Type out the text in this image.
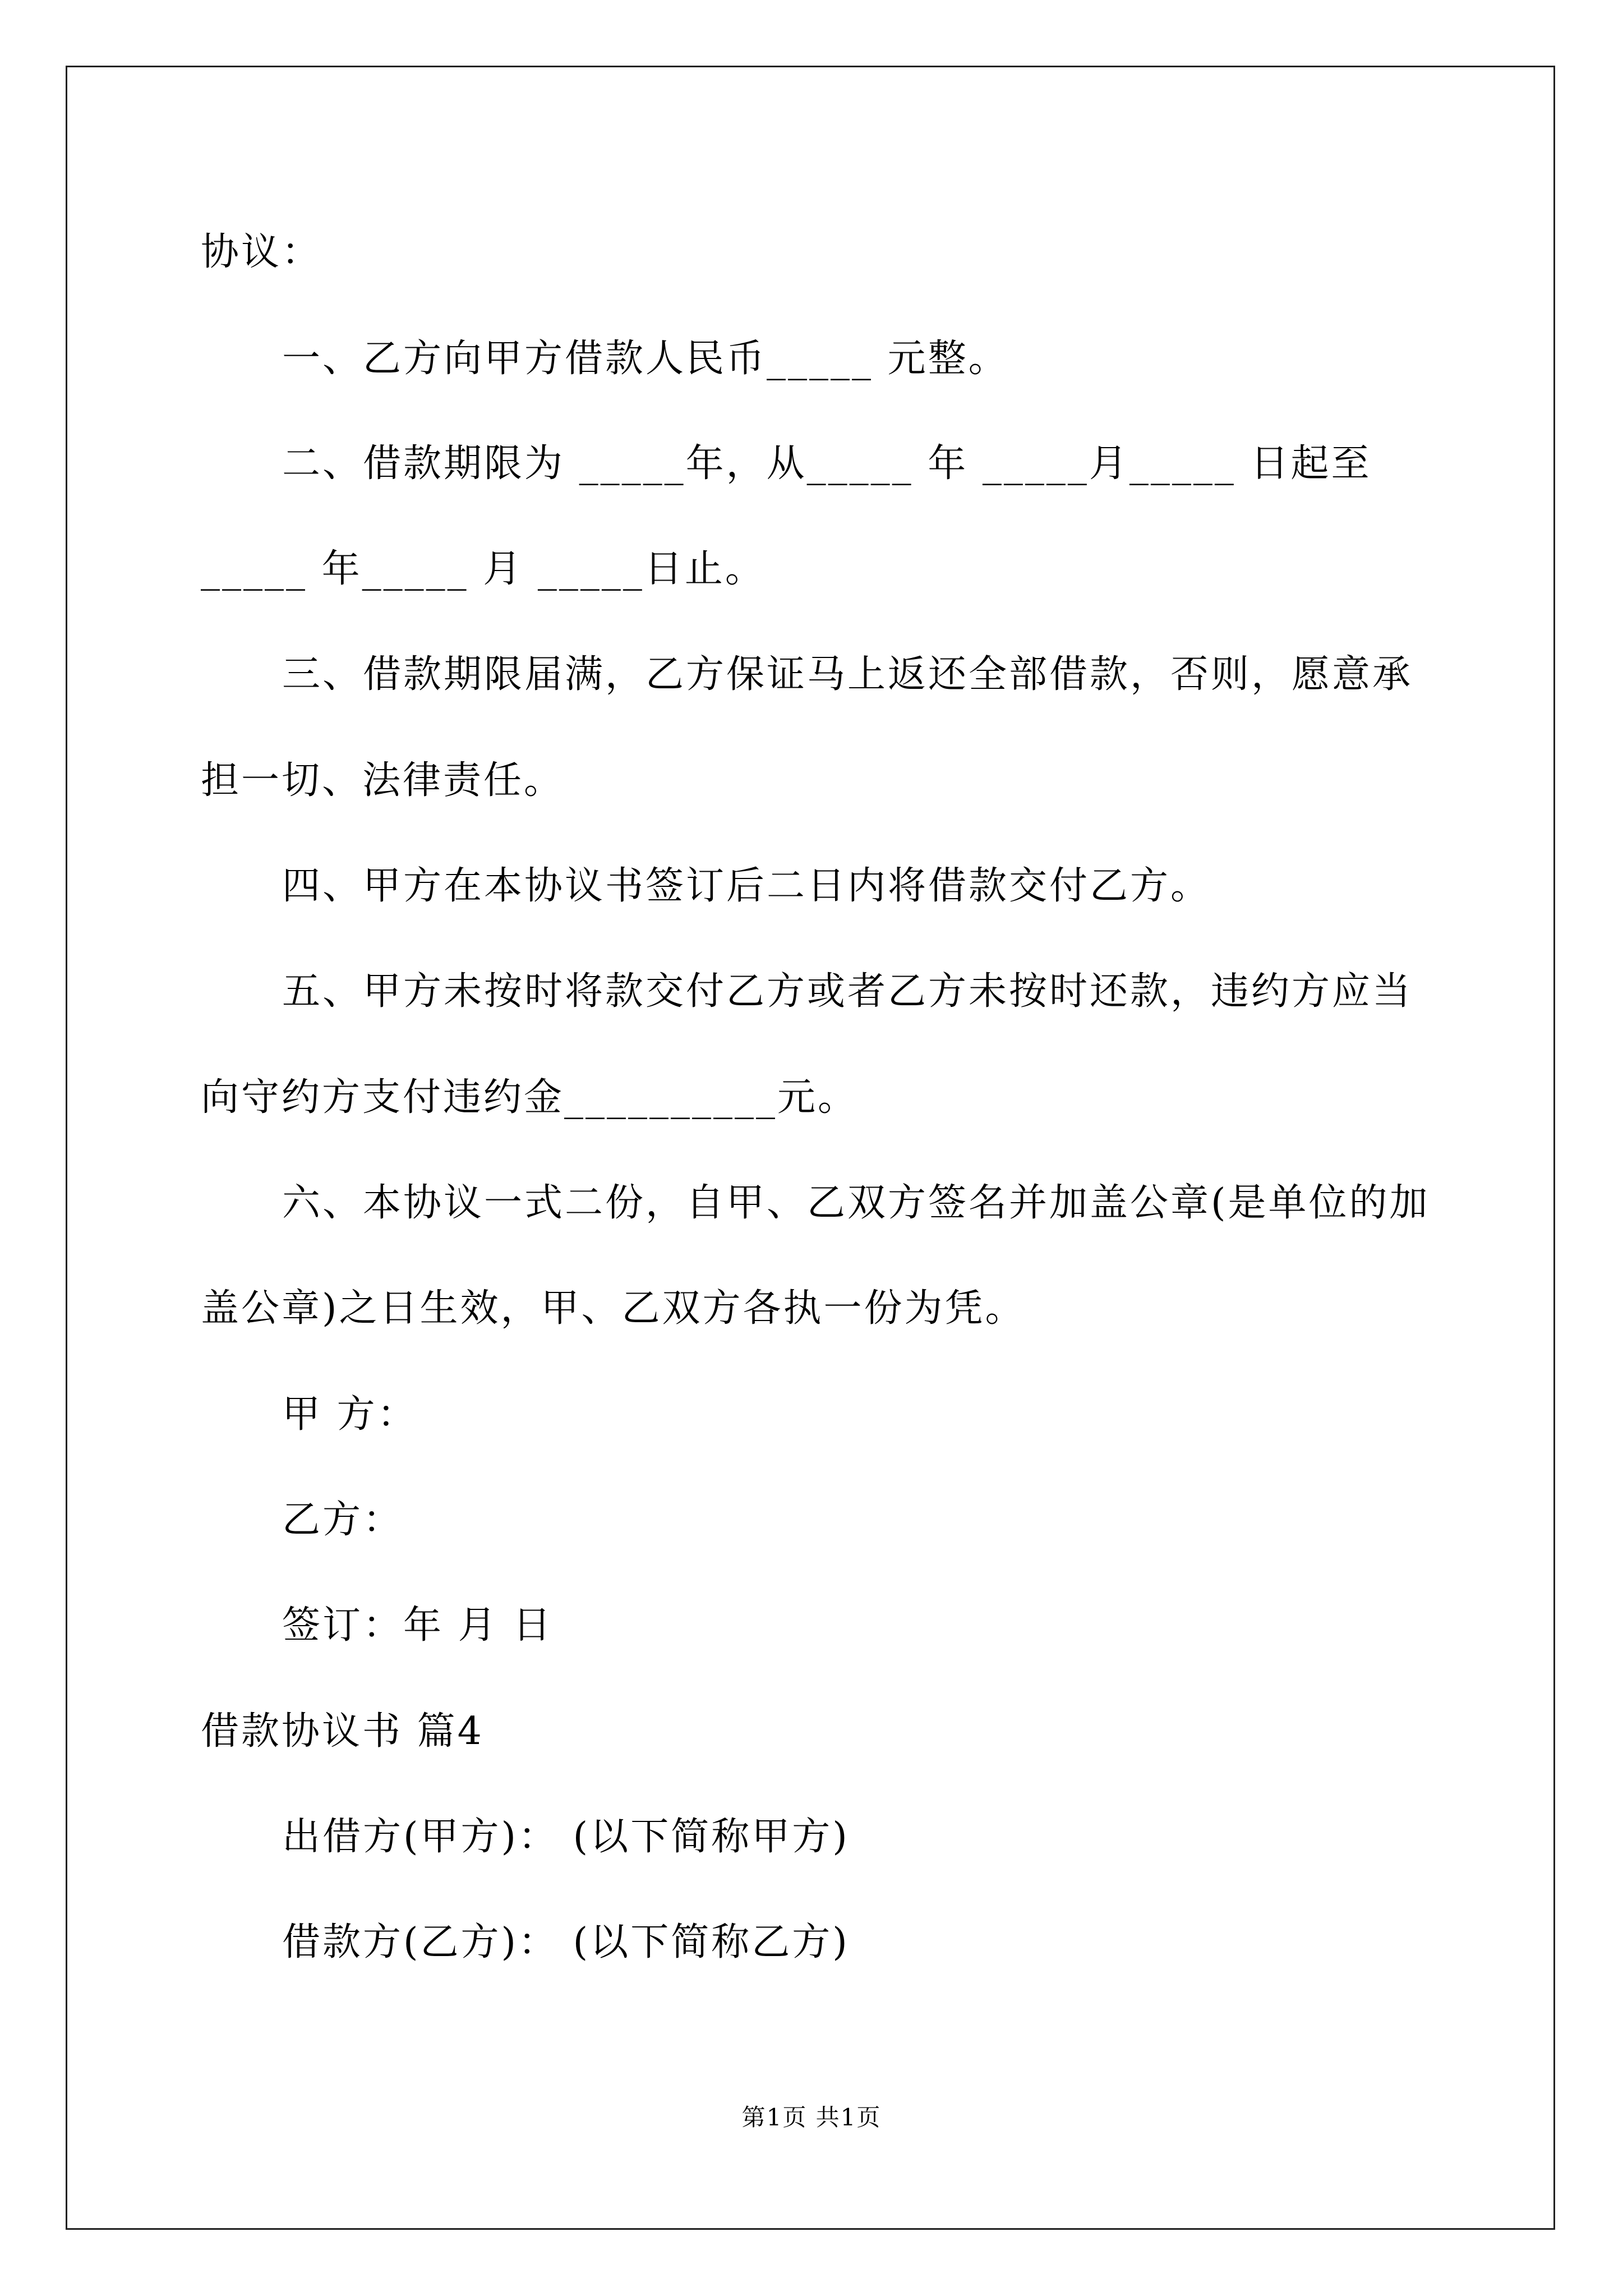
协议：
一、乙方向甲方借款人民币_____ 元整。
二、借款期限为 _____年，从_____ 年 _____月_____ 日起至
_____ 年_____ 月 _____日止。
三、借款期限届满，乙方保证马上返还全部借款，否则，愿意承
担一切、法律责任。
四、甲方在本协议书签订后二日内将借款交付乙方。
五、甲方未按时将款交付乙方或者乙方未按时还款，违约方应当
向守约方支付违约金__________元。
六、本协议一式二份，自甲、乙双方签名并加盖公章(是单位的加
盖公章)之日生效，甲、乙双方各执一份为凭。
甲 方：
乙方：
签订：年 月 日
借款协议书 篇4
出借方(甲方)： (以下简称甲方)
借款方(乙方)： (以下简称乙方)
第1页 共1页
